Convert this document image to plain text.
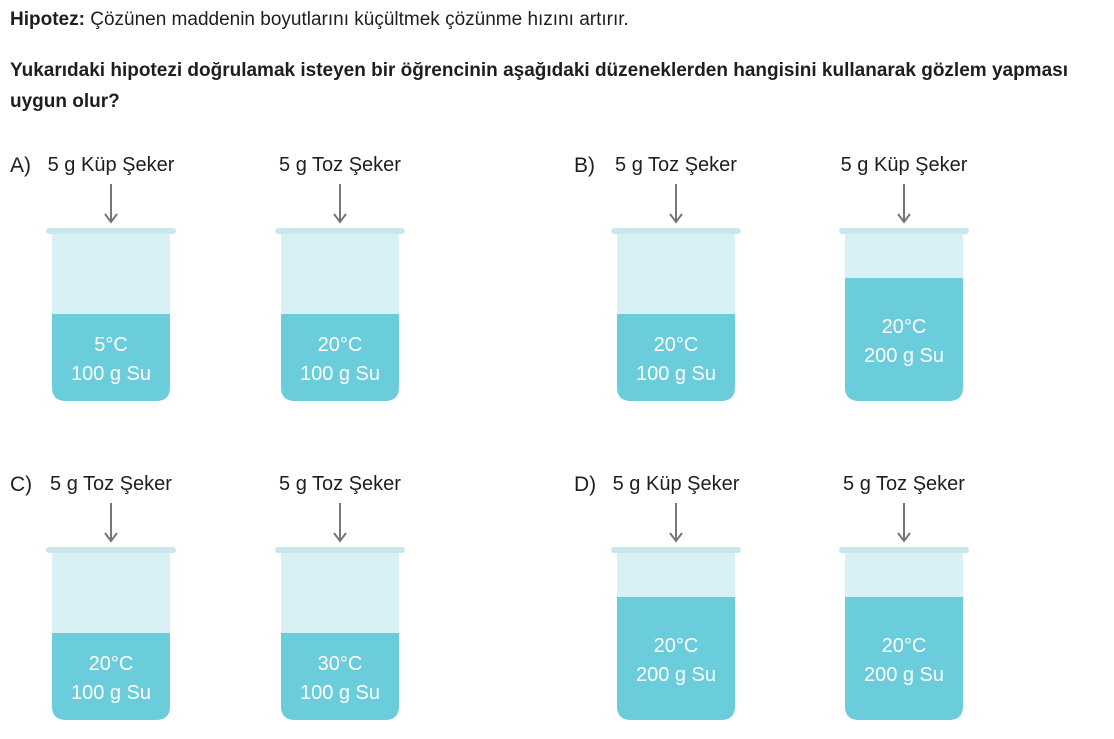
Hipotez: Çözünen maddenin boyutlarını küçültmek çözünme hızını artırır.
Yukarıdaki hipotezi doğrulamak isteyen bir öğrencinin aşağıdaki düzeneklerden hangisini kullanarak gözlem yapması uygun olur?
A) 5 g Küp Şeker
5°C
100 g Su
5 g Toz Şeker
20°C
100 g Su
B)	5 g Toz Şeker
20°C
100 g Su
5 g Küp Şeker
20°C
200 g Su
C) 5 g Toz Şeker
20°C
100 g Su
5 g Toz Şeker
30°C
100 g Su
D) 5 g Küp Şeker
20°C
200 g Su
5 g Toz Şeker
20°C
200 g Su
